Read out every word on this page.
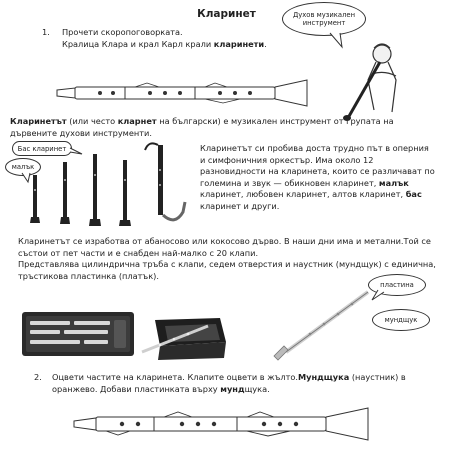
Кларинет	Духов музикален инструмент
1. Прочети скоропоговорката.
Кралица Клара и крал Карл крали кларинети.
Кларинетът (или често кларнет на български) е музикален инструмент от групата на дървените духови инструменти.
Бас кларинет
малък
Кларинетът си пробива доста трудно път в оперния и симфоничния оркестър. Има около 12 разновидности на кларинета, които се различават по големина и звук — обикновен кларинет, малък кларинет, любовен кларинет, алтов кларинет, бас кларинет и други.
Кларинетът се изработва от абаносово или кокосово дърво. В наши дни има и метални.Той се състои от пет части и е снабден най-малко с 20 клапи.
Представлява цилиндрична тръба с клапи, седем отверстия и наустник (мундщук) с единична, тръстикова пластинка (платък).
пластина
мундщук
2. Оцвети частите на кларинета. Клапите оцвети в жълто.Мундщука (наустник) в оранжево. Добави пластинката върху мундщука.
